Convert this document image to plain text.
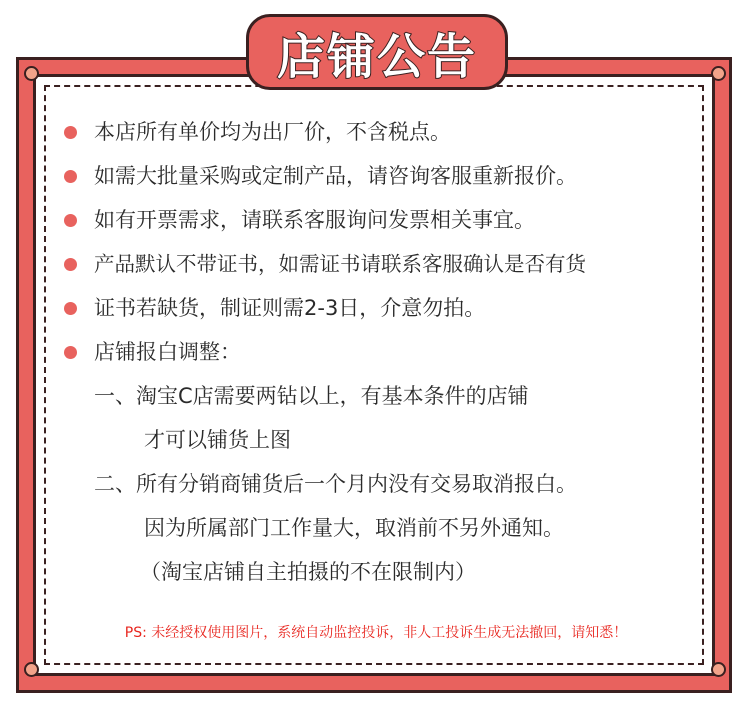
店铺公告
本店所有单价均为出厂价，不含税点。
如需大批量采购或定制产品，请咨询客服重新报价。
如有开票需求，请联系客服询问发票相关事宜。
产品默认不带证书，如需证书请联系客服确认是否有货
证书若缺货，制证则需2-3日，介意勿拍。
店铺报白调整：
一、淘宝C店需要两钻以上，有基本条件的店铺
才可以铺货上图
二、所有分销商铺货后一个月内没有交易取消报白。
因为所属部门工作量大，取消前不另外通知。
（淘宝店铺自主拍摄的不在限制内）
PS: 未经授权使用图片，系统自动监控投诉，非人工投诉生成无法撤回，请知悉！
